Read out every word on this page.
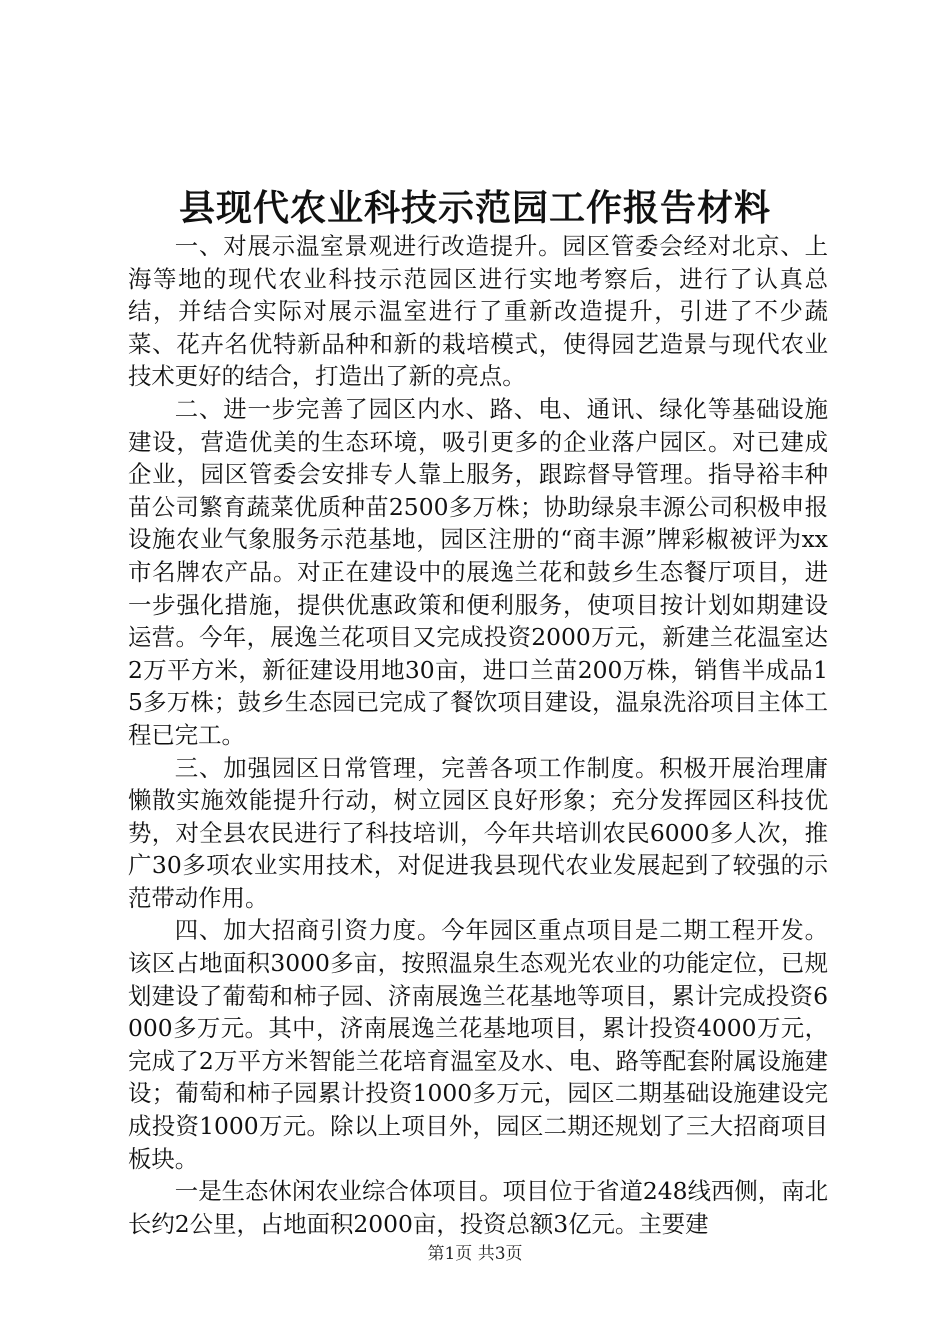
县现代农业科技示范园工作报告材料

一、对展示温室景观进行改造提升。园区管委会经对北京、上海等地的现代农业科技示范园区进行实地考察后，进行了认真总结，并结合实际对展示温室进行了重新改造提升，引进了不少蔬菜、花卉名优特新品种和新的栽培模式，使得园艺造景与现代农业技术更好的结合，打造出了新的亮点。

二、进一步完善了园区内水、路、电、通讯、绿化等基础设施建设，营造优美的生态环境，吸引更多的企业落户园区。对已建成企业，园区管委会安排专人靠上服务，跟踪督导管理。指导裕丰种苗公司繁育蔬菜优质种苗2500多万株；协助绿泉丰源公司积极申报设施农业气象服务示范基地，园区注册的“商丰源”牌彩椒被评为xx市名牌农产品。对正在建设中的展逸兰花和鼓乡生态餐厅项目，进一步强化措施，提供优惠政策和便利服务，使项目按计划如期建设运营。今年，展逸兰花项目又完成投资2000万元，新建兰花温室达2万平方米，新征建设用地30亩，进口兰苗200万株，销售半成品15多万株；鼓乡生态园已完成了餐饮项目建设，温泉洗浴项目主体工程已完工。

三、加强园区日常管理，完善各项工作制度。积极开展治理庸懒散实施效能提升行动，树立园区良好形象；充分发挥园区科技优势，对全县农民进行了科技培训，今年共培训农民6000多人次，推广30多项农业实用技术，对促进我县现代农业发展起到了较强的示范带动作用。

四、加大招商引资力度。今年园区重点项目是二期工程开发。该区占地面积3000多亩，按照温泉生态观光农业的功能定位，已规划建设了葡萄和柿子园、济南展逸兰花基地等项目，累计完成投资6000多万元。其中，济南展逸兰花基地项目，累计投资4000万元，完成了2万平方米智能兰花培育温室及水、电、路等配套附属设施建设；葡萄和柿子园累计投资1000多万元，园区二期基础设施建设完成投资1000万元。除以上项目外，园区二期还规划了三大招商项目板块。

一是生态休闲农业综合体项目。项目位于省道248线西侧，南北长约2公里，占地面积2000亩，投资总额3亿元。主要建

第1页 共3页
